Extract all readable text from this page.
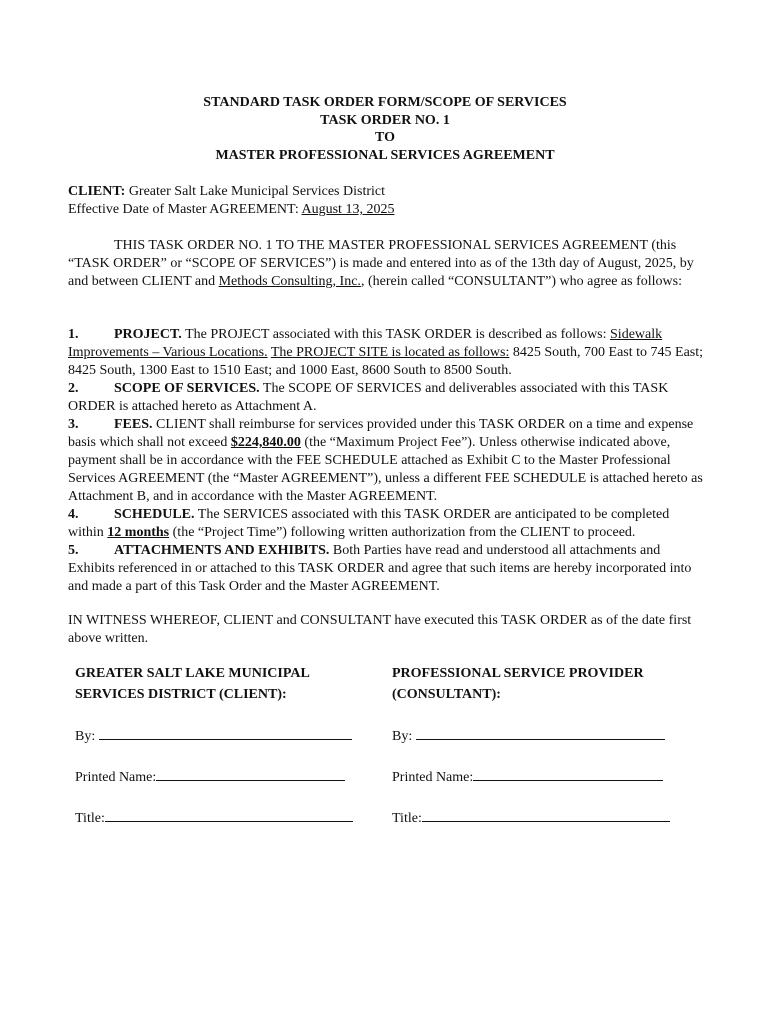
STANDARD TASK ORDER FORM/SCOPE OF SERVICES
TASK ORDER NO. 1
TO
MASTER PROFESSIONAL SERVICES AGREEMENT

CLIENT: Greater Salt Lake Municipal Services District

Effective Date of Master AGREEMENT: August 13, 2025

THIS TASK ORDER NO. 1 TO THE MASTER PROFESSIONAL SERVICES AGREEMENT (this “TASK ORDER” or “SCOPE OF SERVICES”) is made and entered into as of the 13th day of August, 2025, by and between CLIENT and Methods Consulting, Inc., (herein called “CONSULTANT”) who agree as follows:

1.	PROJECT. The PROJECT associated with this TASK ORDER is described as follows: Sidewalk Improvements – Various Locations. The PROJECT SITE is located as follows: 8425 South, 700 East to 745 East; 8425 South, 1300 East to 1510 East; and 1000 East, 8600 South to 8500 South.

2.	SCOPE OF SERVICES. The SCOPE OF SERVICES and deliverables associated with this TASK ORDER is attached hereto as Attachment A.

3.	FEES. CLIENT shall reimburse for services provided under this TASK ORDER on a time and expense basis which shall not exceed $224,840.00 (the “Maximum Project Fee”). Unless otherwise indicated above, payment shall be in accordance with the FEE SCHEDULE attached as Exhibit C to the Master Professional Services AGREEMENT (the “Master AGREEMENT”), unless a different FEE SCHEDULE is attached hereto as Attachment B, and in accordance with the Master AGREEMENT.

4.	SCHEDULE. The SERVICES associated with this TASK ORDER are anticipated to be completed within 12 months (the “Project Time”) following written authorization from the CLIENT to proceed.

5.	ATTACHMENTS AND EXHIBITS. Both Parties have read and understood all attachments and Exhibits referenced in or attached to this TASK ORDER and agree that such items are hereby incorporated into and made a part of this Task Order and the Master AGREEMENT.

IN WITNESS WHEREOF, CLIENT and CONSULTANT have executed this TASK ORDER as of the date first above written.

GREATER SALT LAKE MUNICIPAL
SERVICES DISTRICT (CLIENT):
By:
Printed Name:
Title:
PROFESSIONAL SERVICE PROVIDER
(CONSULTANT):
By:
Printed Name:
Title:
